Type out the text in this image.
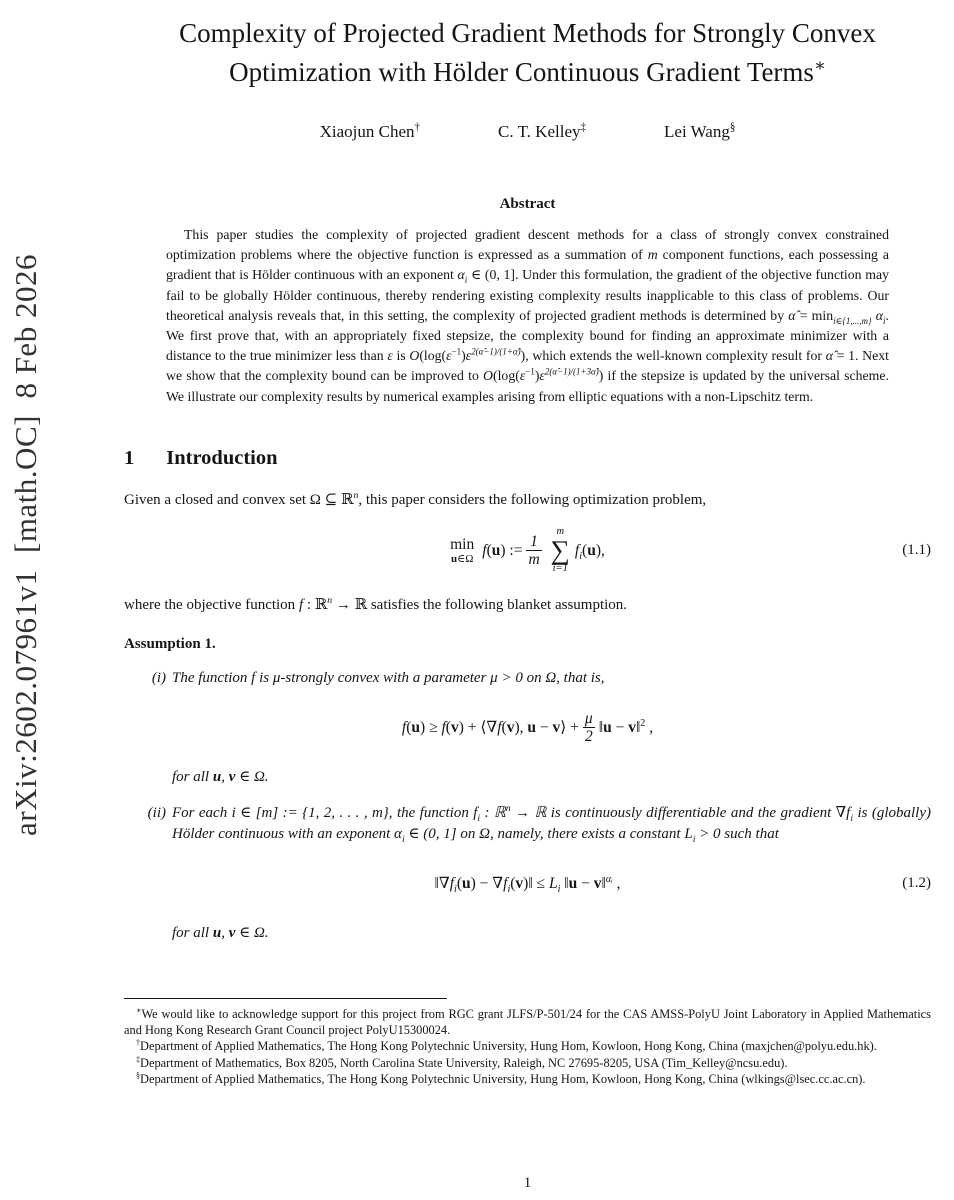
arXiv:2602.07961v1  [math.OC]  8 Feb 2026
Complexity of Projected Gradient Methods for Strongly Convex
Optimization with Hölder Continuous Gradient Terms∗
Xiaojun Chen†	C. T. Kelley‡	Lei Wang§
Abstract

This paper studies the complexity of projected gradient descent methods for a class of strongly convex constrained optimization problems where the objective function is expressed as a summation of m component functions, each possessing a gradient that is Hölder continuous with an exponent $\alpha_i$ ∈ (0, 1]. Under this formulation, the gradient of the objective function may fail to be globally Hölder continuous, thereby rendering existing complexity results inapplicable to this class of problems. Our theoretical analysis reveals that, in this setting, the complexity of projected gradient methods is determined by α̂ = $\min_{i\in\{1,...,m\}} \alpha_i$. We first prove that, with an appropriately fixed stepsize, the complexity bound for finding an approximate minimizer with a distance to the true minimizer less than ε is $O(\log(\varepsilon^{-1})\varepsilon^{2(\alphâ-1)/(1+\alphâ)})$, which extends the well-known complexity result for α̂ = 1. Next we show that the complexity bound can be improved to $O(\log(\varepsilon^{-1})\varepsilon^{2(\alphâ-1)/(1+3\alphâ)})$ if the stepsize is updated by the universal scheme. We illustrate our complexity results by numerical examples arising from elliptic equations with a non-Lipschitz term.

1 Introduction

Given a closed and convex set Ω ⊆ ℝ$^n$, this paper considers the following optimization problem,

min
u∈Ω
f(u) := $\frac{1}{m}$
m
∑
i=1
$f_i(u)$,	(1.1)

where the objective function f : ℝ$^n$ → ℝ satisfies the following blanket assumption.

Assumption 1.

(i) The function f is μ-strongly convex with a parameter μ > 0 on Ω, that is,
f(u) ≥ f(v) + ⟨∇f(v), u − v⟩ + $\frac{\mu}{2}$ ‖u − v‖$^2$ ,
for all u, v ∈ Ω.
(ii) For each i ∈ [m] := {1, 2, . . . , m}, the function $f_i$ : ℝ$^n$ → ℝ is continuously differentiable and the gradient $\nabla f_i$ is (globally) Hölder continuous with an exponent $\alpha_i$ ∈ (0, 1] on Ω, namely, there exists a constant $L_i > 0$ such that
$‖\nabla f_i(u)$ − $\nabla f_i(v)‖ \le L_i$ ‖u − v‖$^{\alpha ᵢ}$ ,	(1.2)
for all u, v ∈ Ω.

∗We would like to acknowledge support for this project from RGC grant JLFS/P-501/24 for the CAS AMSS-PolyU Joint Laboratory in Applied Mathematics and Hong Kong Research Grant Council project PolyU15300024.

†Department of Applied Mathematics, The Hong Kong Polytechnic University, Hung Hom, Kowloon, Hong Kong, China (maxjchen@polyu.edu.hk).

‡Department of Mathematics, Box 8205, North Carolina State University, Raleigh, NC 27695-8205, USA (Tim_Kelley@ncsu.edu).

§Department of Applied Mathematics, The Hong Kong Polytechnic University, Hung Hom, Kowloon, Hong Kong, China (wlkings@lsec.cc.ac.cn).

1
